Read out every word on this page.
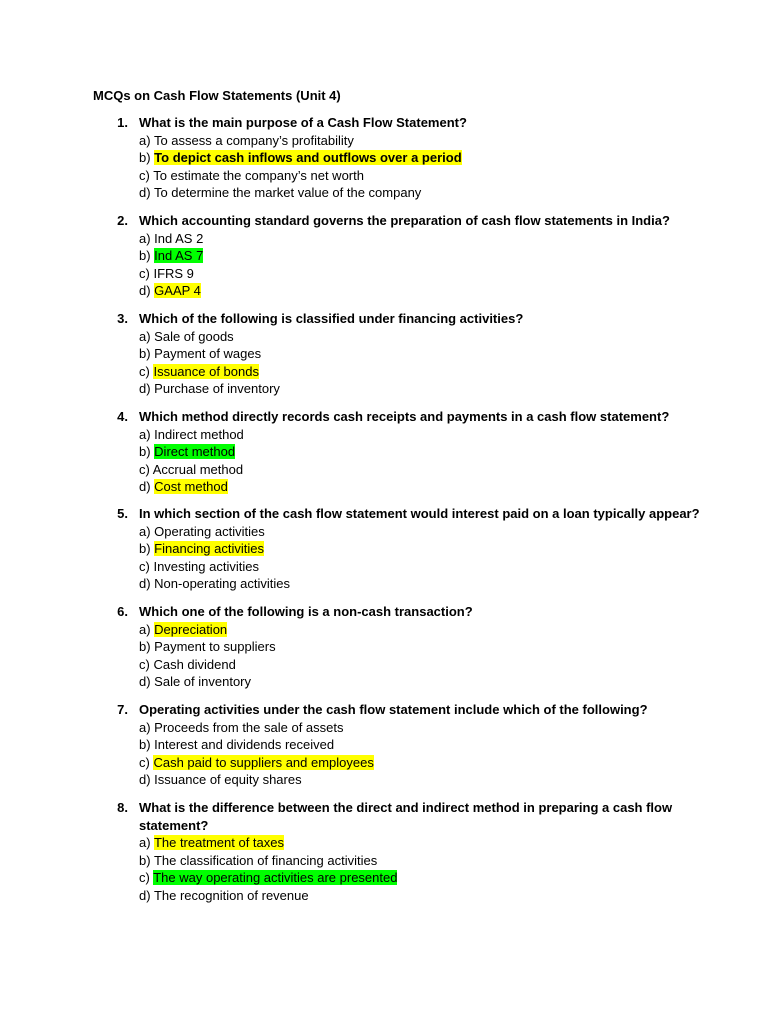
MCQs on Cash Flow Statements (Unit 4)
1. What is the main purpose of a Cash Flow Statement?
a) To assess a company’s profitability
b) To depict cash inflows and outflows over a period
c) To estimate the company’s net worth
d) To determine the market value of the company
2. Which accounting standard governs the preparation of cash flow statements in India?
a) Ind AS 2
b) Ind AS 7
c) IFRS 9
d) GAAP 4
3. Which of the following is classified under financing activities?
a) Sale of goods
b) Payment of wages
c) Issuance of bonds
d) Purchase of inventory
4. Which method directly records cash receipts and payments in a cash flow statement?
a) Indirect method
b) Direct method
c) Accrual method
d) Cost method
5. In which section of the cash flow statement would interest paid on a loan typically appear?
a) Operating activities
b) Financing activities
c) Investing activities
d) Non-operating activities
6. Which one of the following is a non-cash transaction?
a) Depreciation
b) Payment to suppliers
c) Cash dividend
d) Sale of inventory
7. Operating activities under the cash flow statement include which of the following?
a) Proceeds from the sale of assets
b) Interest and dividends received
c) Cash paid to suppliers and employees
d) Issuance of equity shares
8. What is the difference between the direct and indirect method in preparing a cash flow
statement?
a) The treatment of taxes
b) The classification of financing activities
c) The way operating activities are presented
d) The recognition of revenue
